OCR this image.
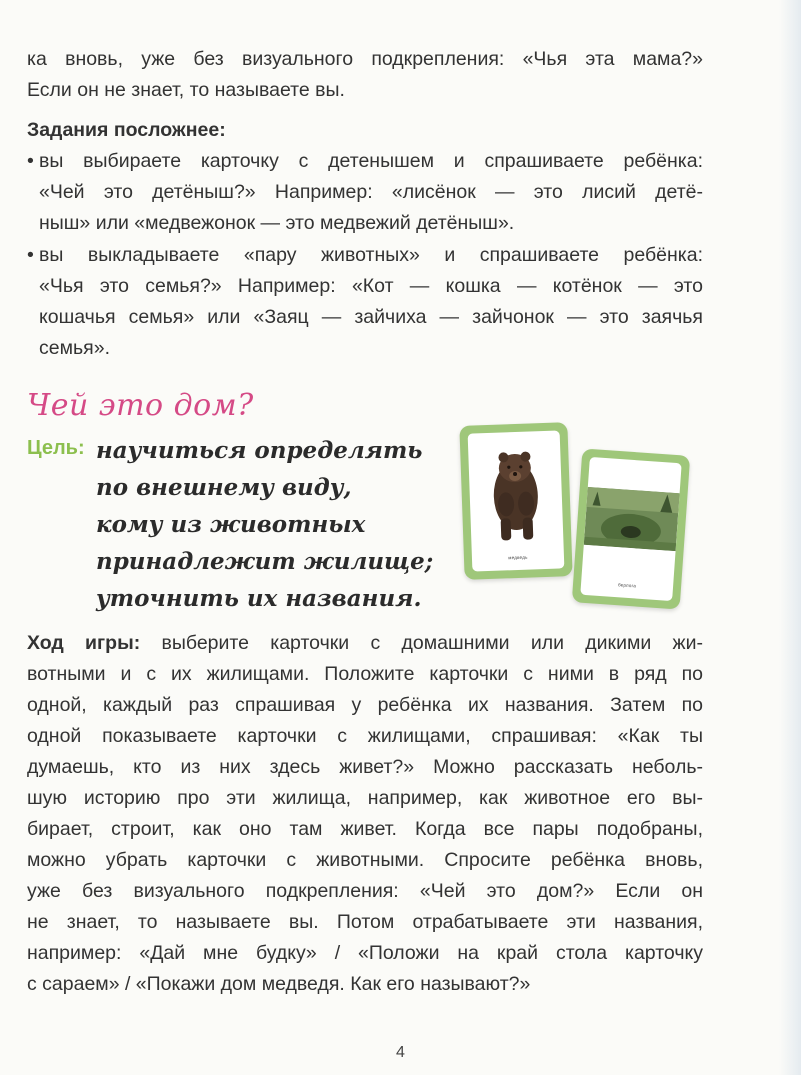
ка вновь, уже без визуального подкрепления: «Чья эта мама?»
Если он не знает, то называете вы.
Задания посложнее:
• вы выбираете карточку с детенышем и спрашиваете ребёнка:
«Чей это детёныш?» Например: «лисёнок — это лисий детё-
ныш» или «медвежонок — это медвежий детёныш».
• вы выкладываете «пару животных» и спрашиваете ребёнка:
«Чья это семья?» Например: «Кот — кошка — котёнок — это
кошачья семья» или «Заяц — зайчиха — зайчонок — это заячья
семья».
Чей это дом?
Цель: научиться определять
по внешнему виду,
кому из животных
принадлежит жилище;
уточнить их названия.
медведь
берлога
Ход игры: выберите карточки с домашними или дикими жи-
вотными и с их жилищами. Положите карточки с ними в ряд по
одной, каждый раз спрашивая у ребёнка их названия. Затем по
одной показываете карточки с жилищами, спрашивая: «Как ты
думаешь, кто из них здесь живет?» Можно рассказать неболь-
шую историю про эти жилища, например, как животное его вы-
бирает, строит, как оно там живет. Когда все пары подобраны,
можно убрать карточки с животными. Спросите ребёнка вновь,
уже без визуального подкрепления: «Чей это дом?» Если он
не знает, то называете вы. Потом отрабатываете эти названия,
например: «Дай мне будку» / «Положи на край стола карточку
с сараем» / «Покажи дом медведя. Как его называют?»
4
